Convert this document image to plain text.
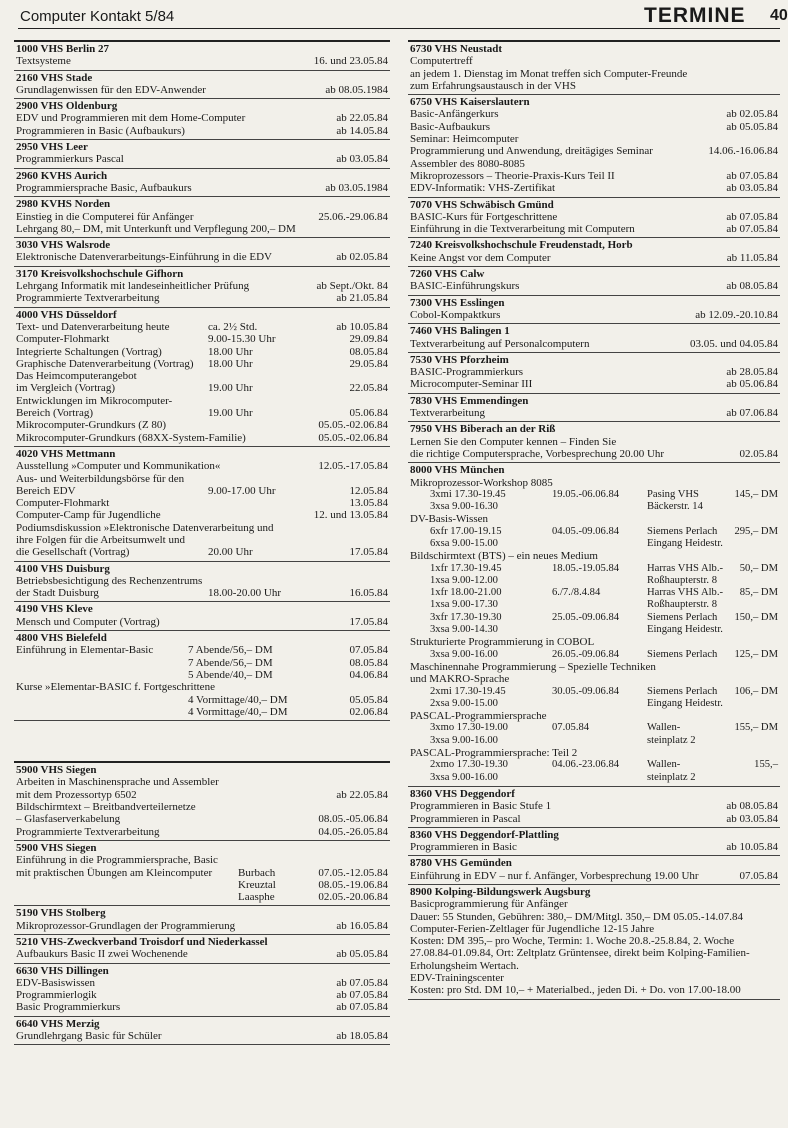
Computer Kontakt 5/84	TERMINE 40
1000 VHS Berlin 27
Textsysteme	16. und 23.05.84
2160 VHS Stade
Grundlagenwissen für den EDV-Anwender	ab 08.05.1984
2900 VHS Oldenburg
EDV und Programmieren mit dem Home-Computer	ab 22.05.84
Programmieren in Basic (Aufbaukurs)	ab 14.05.84
2950 VHS Leer
Programmierkurs Pascal	ab 03.05.84
2960 KVHS Aurich
Programmiersprache Basic, Aufbaukurs	ab 03.05.1984
2980 KVHS Norden
Einstieg in die Computerei für Anfänger	25.06.-29.06.84
Lehrgang 80,– DM, mit Unterkunft und Verpflegung 200,– DM
3030 VHS Walsrode
Elektronische Datenverarbeitungs-Einführung in die EDV	ab 02.05.84
3170 Kreisvolkshochschule Gifhorn
Lehrgang Informatik mit landeseinheitlicher Prüfung	ab Sept./Okt. 84
Programmierte Textverarbeitung	ab 21.05.84
4000 VHS Düsseldorf
Text- und Datenverarbeitung heute	ca. 2½ Std.	ab 10.05.84
Computer-Flohmarkt	9.00-15.30 Uhr	29.09.84
Integrierte Schaltungen (Vortrag)	18.00 Uhr	08.05.84
Graphische Datenverarbeitung (Vortrag)	18.00 Uhr	29.05.84
Das Heimcomputerangebot
im Vergleich (Vortrag)	19.00 Uhr	22.05.84
Entwicklungen im Mikrocomputer-
Bereich (Vortrag)	19.00 Uhr	05.06.84
Mikrocomputer-Grundkurs (Z 80)	05.05.-02.06.84
Mikrocomputer-Grundkurs (68XX-System-Familie)	05.05.-02.06.84
4020 VHS Mettmann
Ausstellung »Computer und Kommunikation«	12.05.-17.05.84
Aus- und Weiterbildungsbörse für den
Bereich EDV	9.00-17.00 Uhr	12.05.84
Computer-Flohmarkt	13.05.84
Computer-Camp für Jugendliche	12. und 13.05.84
Podiumsdiskussion »Elektronische Datenverarbeitung und
ihre Folgen für die Arbeitsumwelt und
die Gesellschaft (Vortrag)	20.00 Uhr	17.05.84
4100 VHS Duisburg
Betriebsbesichtigung des Rechenzentrums
der Stadt Duisburg	18.00-20.00 Uhr	16.05.84
4190 VHS Kleve
Mensch und Computer (Vortrag)	17.05.84
4800 VHS Bielefeld
Einführung in Elementar-Basic	7 Abende/56,– DM	07.05.84
7 Abende/56,– DM	08.05.84
5 Abende/40,– DM	04.06.84
Kurse »Elementar-BASIC f. Fortgeschrittene
4 Vormittage/40,– DM	05.05.84
4 Vormittage/40,– DM	02.06.84
5900 VHS Siegen
Arbeiten in Maschinensprache und Assembler
mit dem Prozessortyp 6502	ab 22.05.84
Bildschirmtext – Breitbandverteilernetze
– Glasfaserverkabelung	08.05.-05.06.84
Programmierte Textverarbeitung	04.05.-26.05.84
5900 VHS Siegen
Einführung in die Programmiersprache, Basic
mit praktischen Übungen am Kleincomputer	Burbach	07.05.-12.05.84
Kreuztal	08.05.-19.06.84
Laasphe	02.05.-20.06.84
5190 VHS Stolberg
Mikroprozessor-Grundlagen der Programmierung	ab 16.05.84
5210 VHS-Zweckverband Troisdorf und Niederkassel
Aufbaukurs Basic II zwei Wochenende	ab 05.05.84
6630 VHS Dillingen
EDV-Basiswissen	ab 07.05.84
Programmierlogik	ab 07.05.84
Basic Programmierkurs	ab 07.05.84
6640 VHS Merzig
Grundlehrgang Basic für Schüler	ab 18.05.84
6730 VHS Neustadt
Computertreff
an jedem 1. Dienstag im Monat treffen sich Computer-Freunde
zum Erfahrungsaustausch in der VHS
6750 VHS Kaiserslautern
Basic-Anfängerkurs	ab 02.05.84
Basic-Aufbaukurs	ab 05.05.84
Seminar: Heimcomputer
Programmierung und Anwendung, dreitägiges Seminar	14.06.-16.06.84
Assembler des 8080-8085
Mikroprozessors – Theorie-Praxis-Kurs Teil II	ab 07.05.84
EDV-Informatik: VHS-Zertifikat	ab 03.05.84
7070 VHS Schwäbisch Gmünd
BASIC-Kurs für Fortgeschrittene	ab 07.05.84
Einführung in die Textverarbeitung mit Computern	ab 07.05.84
7240 Kreisvolkshochschule Freudenstadt, Horb
Keine Angst vor dem Computer	ab 11.05.84
7260 VHS Calw
BASIC-Einführungskurs	ab 08.05.84
7300 VHS Esslingen
Cobol-Kompaktkurs	ab 12.09.-20.10.84
7460 VHS Balingen 1
Textverarbeitung auf Personalcomputern	03.05. und 04.05.84
7530 VHS Pforzheim
BASIC-Programmierkurs	ab 28.05.84
Microcomputer-Seminar III	ab 05.06.84
7830 VHS Emmendingen
Textverarbeitung	ab 07.06.84
7950 VHS Biberach an der Riß
Lernen Sie den Computer kennen – Finden Sie
die richtige Computersprache, Vorbesprechung 20.00 Uhr	02.05.84
8000 VHS München
Mikroprozessor-Workshop 8085
3xmi 17.30-19.45	19.05.-06.06.84	Pasing VHS	145,– DM
3xsa 9.00-16.30	Bäckerstr. 14
DV-Basis-Wissen
6xfr 17.00-19.15	04.05.-09.06.84	Siemens Perlach	295,– DM
6xsa 9.00-15.00	Eingang Heidestr.
Bildschirmtext (BTS) – ein neues Medium
1xfr 17.30-19.45	18.05.-19.05.84	Harras VHS Alb.-	50,– DM
1xsa 9.00-12.00	Roßhaupterstr. 8
1xfr 18.00-21.00	6./7./8.4.84	Harras VHS Alb.-	85,– DM
1xsa 9.00-17.30	Roßhaupterstr. 8
3xfr 17.30-19.30	25.05.-09.06.84	Siemens Perlach	150,– DM
3xsa 9.00-14.30	Eingang Heidestr.
Strukturierte Programmierung in COBOL
3xsa 9.00-16.00	26.05.-09.06.84	Siemens Perlach	125,– DM
Maschinennahe Programmierung – Spezielle Techniken
und MAKRO-Sprache
2xmi 17.30-19.45	30.05.-09.06.84	Siemens Perlach	106,– DM
2xsa 9.00-15.00	Eingang Heidestr.
PASCAL-Programmiersprache
3xmo 17.30-19.00	07.05.84	Wallen-	155,– DM
3xsa 9.00-16.00	steinplatz 2
PASCAL-Programmiersprache: Teil 2
2xmo 17.30-19.30	04.06.-23.06.84	Wallen-	155,–
3xsa 9.00-16.00	steinplatz 2
8360 VHS Deggendorf
Programmieren in Basic Stufe 1	ab 08.05.84
Programmieren in Pascal	ab 03.05.84
8360 VHS Deggendorf-Plattling
Programmieren in Basic	ab 10.05.84
8780 VHS Gemünden
Einführung in EDV – nur f. Anfänger, Vorbesprechung 19.00 Uhr	07.05.84
8900 Kolping-Bildungswerk Augsburg
Basicprogrammierung für Anfänger
Dauer: 55 Stunden, Gebühren: 380,– DM/Mitgl. 350,– DM 05.05.-14.07.84
Computer-Ferien-Zeltlager für Jugendliche 12-15 Jahre
Kosten: DM 395,– pro Woche, Termin: 1. Woche 20.8.-25.8.84, 2. Woche 27.08.84-01.09.84, Ort: Zeltplatz Grüntensee, direkt beim Kolping-Familien-Erholungsheim Wertach.
EDV-Trainingscenter
Kosten: pro Std. DM 10,– + Materialbed., jeden Di. + Do. von 17.00-18.00
